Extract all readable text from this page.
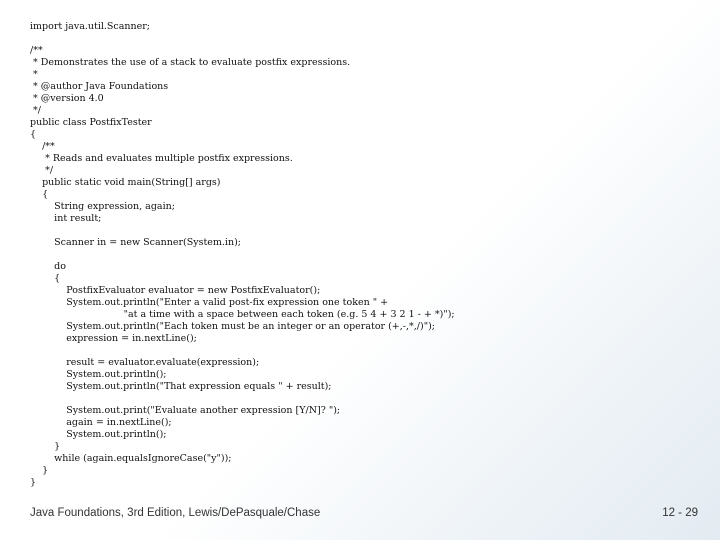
import java.util.Scanner;

/**
* Demonstrates the use of a stack to evaluate postfix expressions.
*
* @author Java Foundations
* @version 4.0
*/
public class PostfixTester
{
/**
* Reads and evaluates multiple postfix expressions.
*/
public static void main(String[] args)
{
String expression, again;
int result;

Scanner in = new Scanner(System.in);

do
{
PostfixEvaluator evaluator = new PostfixEvaluator();
System.out.println("Enter a valid post-fix expression one token " +
"at a time with a space between each token (e.g. 5 4 + 3 2 1 - + *)");
System.out.println("Each token must be an integer or an operator (+,-,*,/)");
expression = in.nextLine();

result = evaluator.evaluate(expression);
System.out.println();
System.out.println("That expression equals " + result);

System.out.print("Evaluate another expression [Y/N]? ");
again = in.nextLine();
System.out.println();
}
while (again.equalsIgnoreCase("y"));
}
}
Java Foundations, 3rd Edition, Lewis/DePasquale/Chase	12 - 29
